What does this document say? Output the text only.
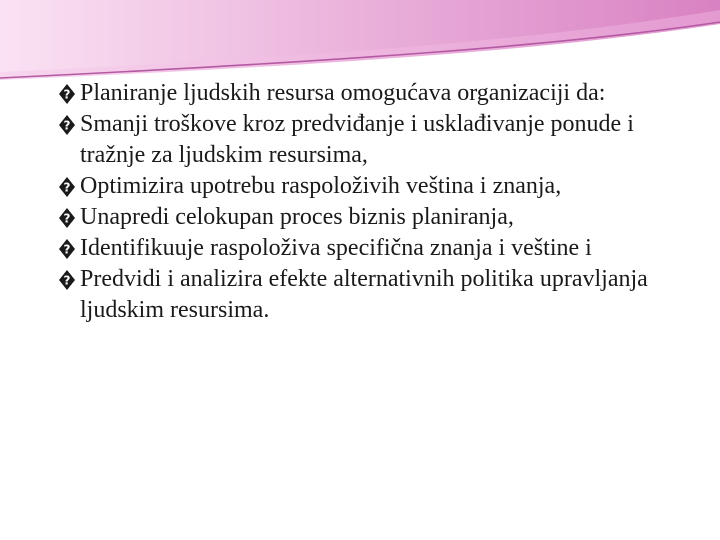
? Planiranje ljudskih resursa omogućava organizaciji da:
? Smanji troškove kroz predviđanje i usklađivanje ponude i tražnje za ljudskim resursima,
? Optimizira upotrebu raspoloživih veština i znanja,
? Unapredi celokupan proces biznis planiranja,
? Identifikuuje raspoloživa specifična znanja i veštine i
? Predvidi i analizira efekte alternativnih politika upravljanja ljudskim resursima.
